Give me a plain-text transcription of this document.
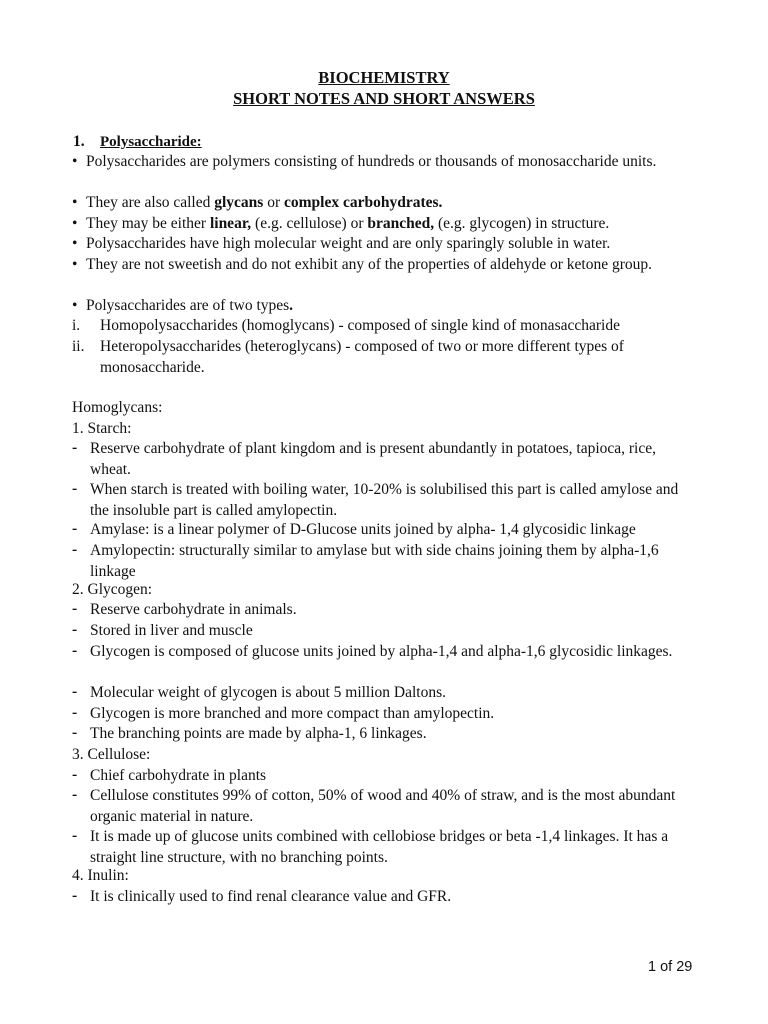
BIOCHEMISTRY
SHORT NOTES AND SHORT ANSWERS
1. Polysaccharide:
• Polysaccharides are polymers consisting of hundreds or thousands of monosaccharide units.
• They are also called glycans or complex carbohydrates.
• They may be either linear, (e.g. cellulose) or branched, (e.g. glycogen) in structure.
• Polysaccharides have high molecular weight and are only sparingly soluble in water.
• They are not sweetish and do not exhibit any of the properties of aldehyde or ketone group.
• Polysaccharides are of two types.
i.	Homopolysaccharides (homoglycans) - composed of single kind of monasaccharide
ii.	Heteropolysaccharides (heteroglycans) - composed of two or more different types of monosaccharide.
Homoglycans:
1. Starch:
- Reserve carbohydrate of plant kingdom and is present abundantly in potatoes, tapioca, rice, wheat.
- When starch is treated with boiling water, 10-20% is solubilised this part is called amylose and the insoluble part is called amylopectin.
- Amylase: is a linear polymer of D-Glucose units joined by alpha- 1,4 glycosidic linkage
- Amylopectin: structurally similar to amylase but with side chains joining them by alpha-1,6 linkage
2. Glycogen:
- Reserve carbohydrate in animals.
- Stored in liver and muscle
- Glycogen is composed of glucose units joined by alpha-1,4 and alpha-1,6 glycosidic linkages.
- Molecular weight of glycogen is about 5 million Daltons.
- Glycogen is more branched and more compact than amylopectin.
- The branching points are made by alpha-1, 6 linkages.
3. Cellulose:
- Chief carbohydrate in plants
- Cellulose constitutes 99% of cotton, 50% of wood and 40% of straw, and is the most abundant organic material in nature.
- It is made up of glucose units combined with cellobiose bridges or beta -1,4 linkages. It has a straight line structure, with no branching points.
4. Inulin:
- It is clinically used to find renal clearance value and GFR.
1 of 29
